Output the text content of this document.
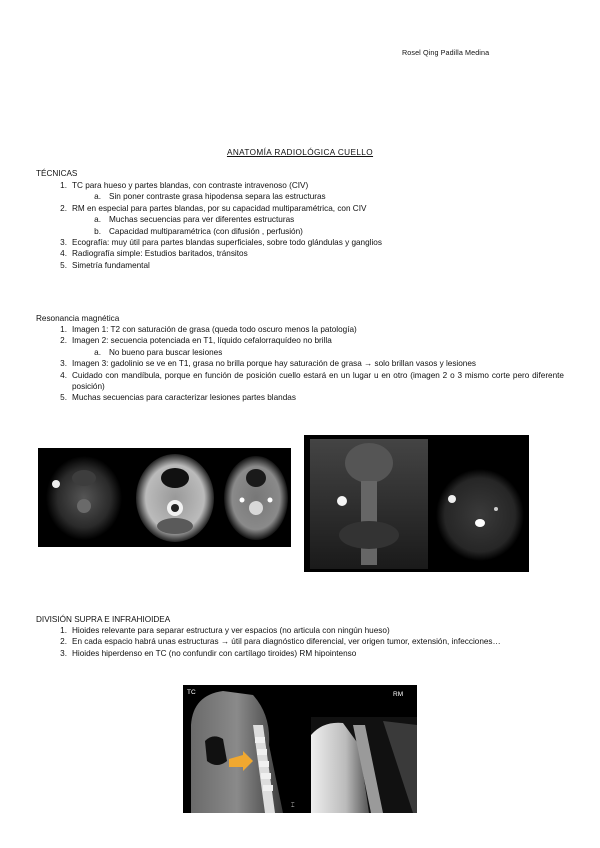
Rosel Qing Padilla Medina
ANATOMÍA RADIOLÓGICA CUELLO
TÉCNICAS
1. TC para hueso y partes blandas, con contraste intravenoso (CIV)
a. Sin poner contraste grasa hipodensa separa las estructuras
2. RM en especial para partes blandas, por su capacidad multiparamétrica, con CIV
a. Muchas secuencias para ver diferentes estructuras
b. Capacidad multiparamétrica (con difusión , perfusión)
3. Ecografía: muy útil para partes blandas superficiales, sobre todo glándulas y ganglios
4. Radiografía simple: Estudios baritados, tránsitos
5. Simetría fundamental
Resonancia magnética
1. Imagen 1: T2 con saturación de grasa (queda todo oscuro menos la patología)
2. Imagen 2: secuencia potenciada en T1, líquido cefalorraquídeo no brilla
a. No bueno para buscar lesiones
3. Imagen 3: gadolinio se ve en T1, grasa no brilla porque hay saturación de grasa → solo brillan vasos y lesiones
4. Cuidado con mandíbula, porque en función de posición cuello estará en un lugar u en otro (imagen 2 o 3 mismo corte pero diferente posición)
5. Muchas secuencias para caracterizar lesiones partes blandas
DIVISIÓN SUPRA E INFRAHIOIDEA
1. Hioides relevante para separar estructura y ver espacios (no articula con ningún hueso)
2. En cada espacio habrá unas estructuras → útil para diagnóstico diferencial, ver origen tumor, extensión, infecciones…
3. Hioides hiperdenso en TC (no confundir con cartílago tiroides) RM hipointenso
⌶
TC	RM
